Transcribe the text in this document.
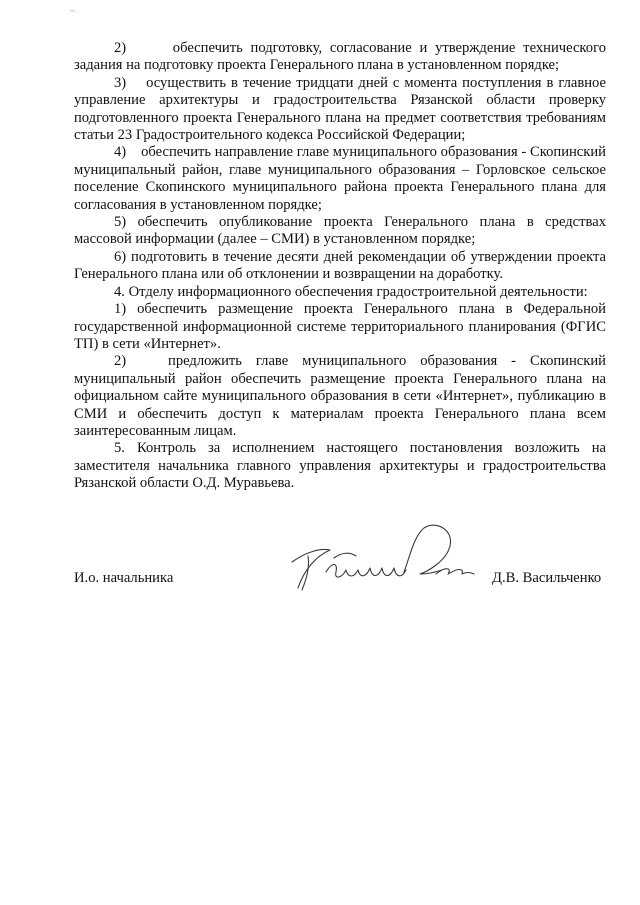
~

2)      обеспечить подготовку, согласование и утверждение технического задания на подготовку проекта Генерального плана в установленном порядке;

3)    осуществить в течение тридцати дней с момента поступления в главное управление архитектуры и градостроительства Рязанской области проверку подготовленного проекта Генерального плана на предмет соответствия требованиям статьи 23 Градостроительного кодекса Российской Федерации;

4)    обеспечить направление главе муниципального образования - Скопинский муниципальный район, главе муниципального образования – Горловское сельское поселение Скопинского муниципального района проекта Генерального плана для согласования в установленном порядке;

5) обеспечить опубликование проекта Генерального плана в средствах массовой информации (далее – СМИ) в установленном порядке;

6) подготовить в течение десяти дней рекомендации об утверждении проекта Генерального плана или об отклонении и возвращении на доработку.

4. Отделу информационного обеспечения градостроительной деятельности:

1) обеспечить размещение проекта Генерального плана в Федеральной государственной информационной системе территориального планирования (ФГИС ТП) в сети «Интернет».

2)   предложить главе муниципального образования - Скопинский муниципальный район обеспечить размещение проекта Генерального плана на официальном сайте муниципального образования в сети «Интернет», публикацию в СМИ и обеспечить доступ к материалам проекта Генерального плана всем заинтересованным лицам.

5. Контроль за исполнением настоящего постановления возложить на заместителя начальника главного управления архитектуры и градостроительства Рязанской области О.Д. Муравьева.

И.о. начальника	Д.В. Васильченко
